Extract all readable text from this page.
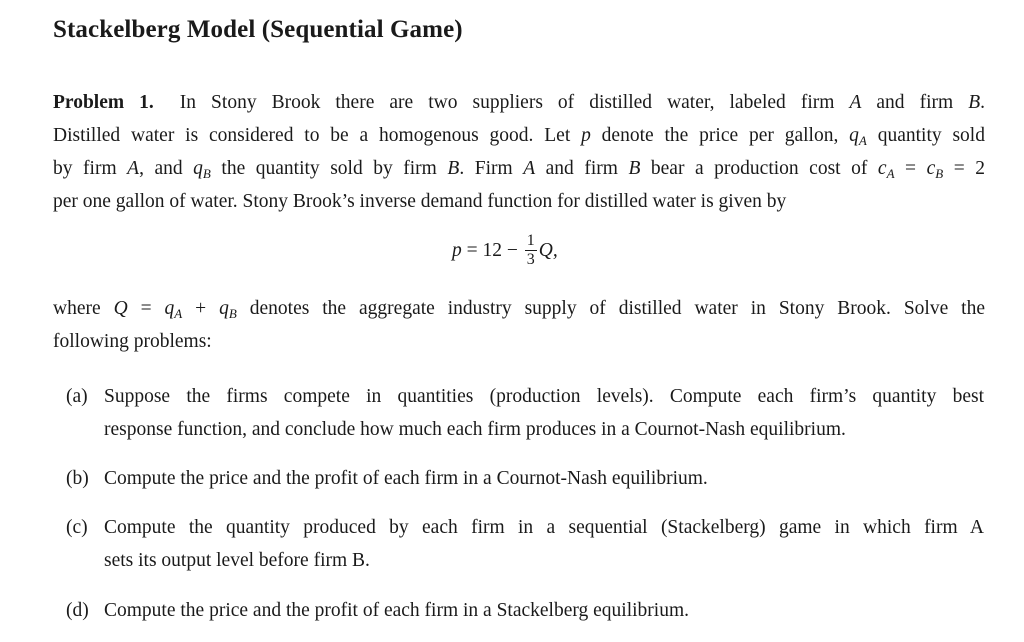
Stackelberg Model (Sequential Game)
Problem 1. In Stony Brook there are two suppliers of distilled water, labeled firm A and firm B.
Distilled water is considered to be a homogenous good. Let p denote the price per gallon, $q_A$ quantity sold
by firm A, and $q_B$ the quantity sold by firm B. Firm A and firm B bear a production cost of $c_A = c_B = 2$
per one gallon of water. Stony Brook’s inverse demand function for distilled water is given by
p
= 12 −
$\frac{1}{3} Q$,
where $Q = q_A + q_B$ denotes the aggregate industry supply of distilled water in Stony Brook. Solve the
following problems:
(a) Suppose the firms compete in quantities (production levels). Compute each firm’s quantity best
response function, and conclude how much each firm produces in a Cournot-Nash equilibrium.
(b) Compute the price and the profit of each firm in a Cournot-Nash equilibrium.
(c) Compute the quantity produced by each firm in a sequential (Stackelberg) game in which firm A
sets its output level before firm B.
(d) Compute the price and the profit of each firm in a Stackelberg equilibrium.
